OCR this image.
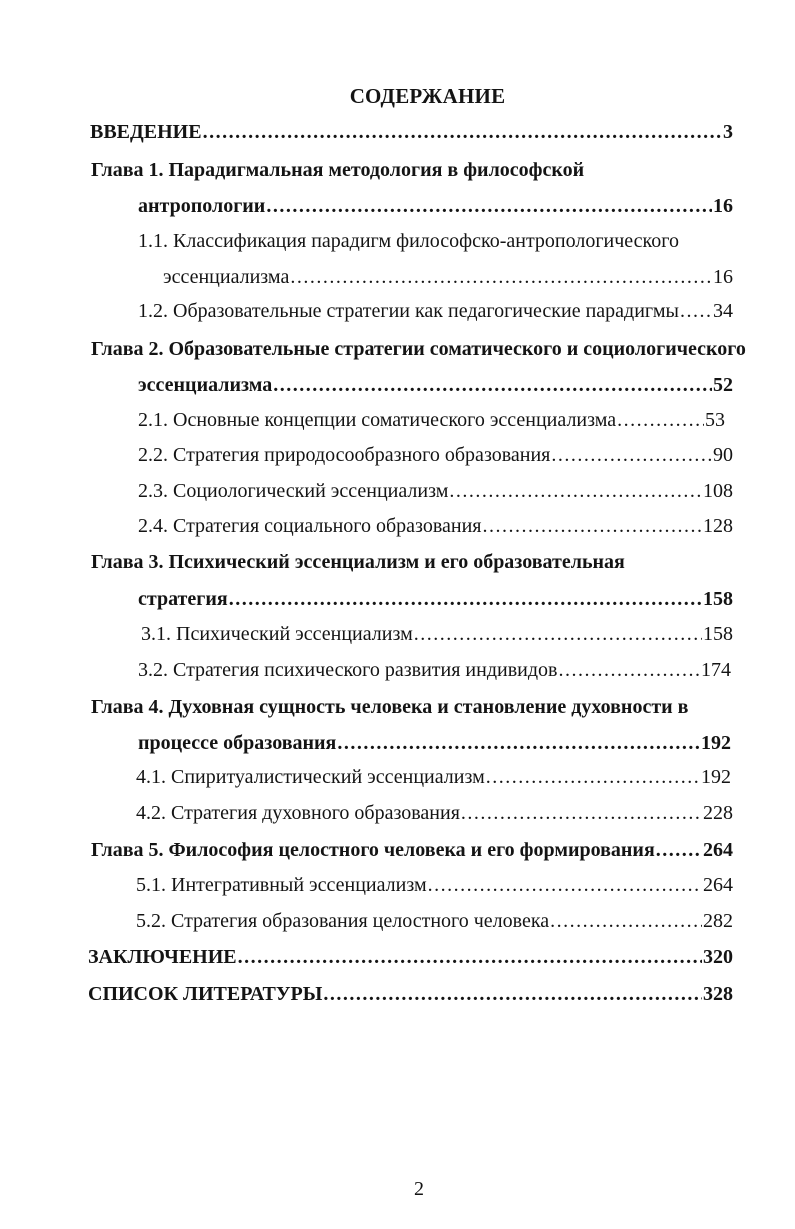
СОДЕРЖАНИЕ
ВВЕДЕНИЕ .....	3
Глава 1. Парадигмальная методология в философской
антропологии .....	16
1.1. Классификация парадигм философско-антропологического
эссенциализма .....	16
1.2. Образовательные стратегии как педагогические парадигмы ..... 34
Глава 2. Образовательные стратегии соматического и социологического
эссенциализма .....	52
2.1. Основные концепции соматического эссенциализма .....	53
2.2. Стратегия природосообразного образования .....	90
2.3. Социологический эссенциализм .....	108
2.4. Стратегия социального образования .....	128
Глава 3. Психический эссенциализм и его образовательная
стратегия .....	158
3.1. Психический эссенциализм .....	158
3.2. Стратегия психического развития индивидов .....	174
Глава 4. Духовная сущность человека и становление духовности в
процессе образования .....	192
4.1. Спиритуалистический эссенциализм .....	192
4.2. Стратегия духовного образования .....	228
Глава 5. Философия целостного человека и его формирования ..... 264
5.1. Интегративный эссенциализм .....	264
5.2. Стратегия образования целостного человека .....	282
ЗАКЛЮЧЕНИЕ .....	320
СПИСОК ЛИТЕРАТУРЫ .....	328
2
